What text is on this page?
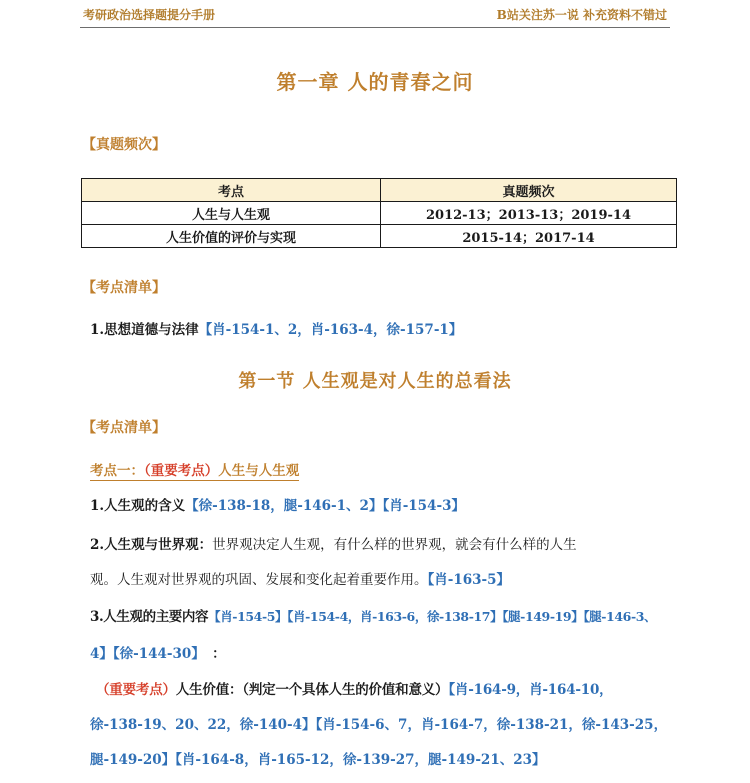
考研政治选择题提分手册	B站关注苏一说 补充资料不错过
第一章 人的青春之问
【真题频次】
考点	真题频次
人生与人生观	2012-13；2013-13；2019-14
人生价值的评价与实现	2015-14；2017-14
【考点清单】
1.思想道德与法律【肖-154-1、2，肖-163-4，徐-157-1】
第一节 人生观是对人生的总看法
【考点清单】
考点一：（重要考点）人生与人生观
1.人生观的含义【徐-138-18，腿-146-1、2】【肖-154-3】
2.人生观与世界观：世界观决定人生观，有什么样的世界观，就会有什么样的人生
观。人生观对世界观的巩固、发展和变化起着重要作用。【肖-163-5】
3.人生观的主要内容【肖-154-5】【肖-154-4，肖-163-6，徐-138-17】【腿-149-19】【腿-146-3、
4】【徐-144-30】 ：
（重要考点）人生价值：（判定一个具体人生的价值和意义）【肖-164-9，肖-164-10，
徐-138-19、20、22，徐-140-4】【肖-154-6、7，肖-164-7，徐-138-21，徐-143-25，
腿-149-20】【肖-164-8，肖-165-12，徐-139-27，腿-149-21、23】
